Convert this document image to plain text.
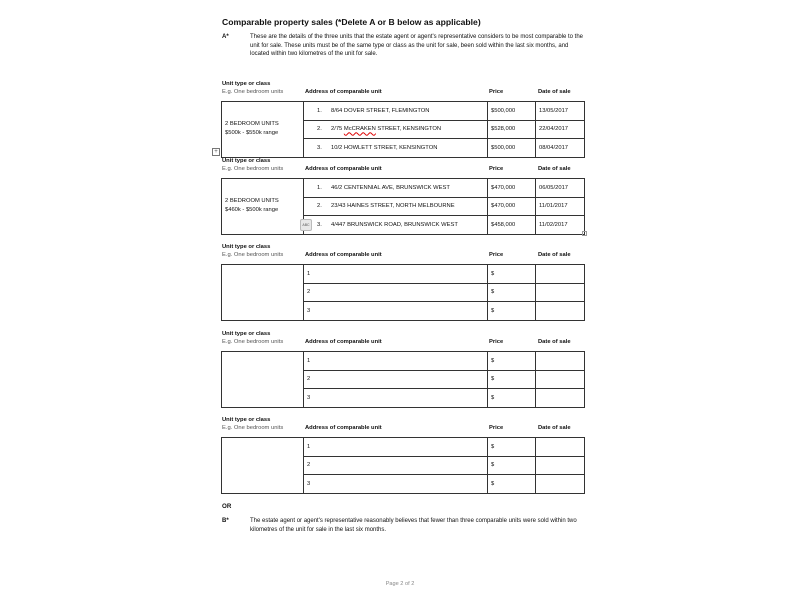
Comparable property sales (*Delete A or B below as applicable)
A*	These are the details of the three units that the estate agent or agent's representative considers to be most comparable to the unit for sale. These units must be of the same type or class as the unit for sale, been sold within the last six months, and located within two kilometres of the unit for sale.
+
Unit type or class
E.g. One bedroom units	Address of comparable unit	Price	Date of sale
2 BEDROOM UNITS
$500k - $550k range	1. 8/64 DOVER STREET, FLEMINGTON	$500,000	13/05/2017
	2. 2/75 McCRAKEN STREET, KENSINGTON	$528,000	22/04/2017
	3. 10/2 HOWLETT STREET, KENSINGTON	$500,000	08/04/2017
Unit type or class
E.g. One bedroom units	Address of comparable unit	Price	Date of sale
2 BEDROOM UNITS
$460k - $500k range	1. 46/2 CENTENNIAL AVE, BRUNSWICK WEST	$470,000	06/05/2017
	2. 23/43 HAINES STREET, NORTH MELBOURNE	$470,000	11/01/2017
	3. 4/447 BRUNSWICK ROAD, BRUNSWICK WEST	$458,000	11/02/2017
ABC
Unit type or class
E.g. One bedroom units	Address of comparable unit	Price	Date of sale
	1	$	
	2	$	
	3	$	
Unit type or class
E.g. One bedroom units	Address of comparable unit	Price	Date of sale
	1	$	
	2	$	
	3	$	
Unit type or class
E.g. One bedroom units	Address of comparable unit	Price	Date of sale
	1	$	
	2	$	
	3	$	
OR
B*	The estate agent or agent's representative reasonably believes that fewer than three comparable units were sold within two kilometres of the unit for sale in the last six months.
Page 2 of 2
